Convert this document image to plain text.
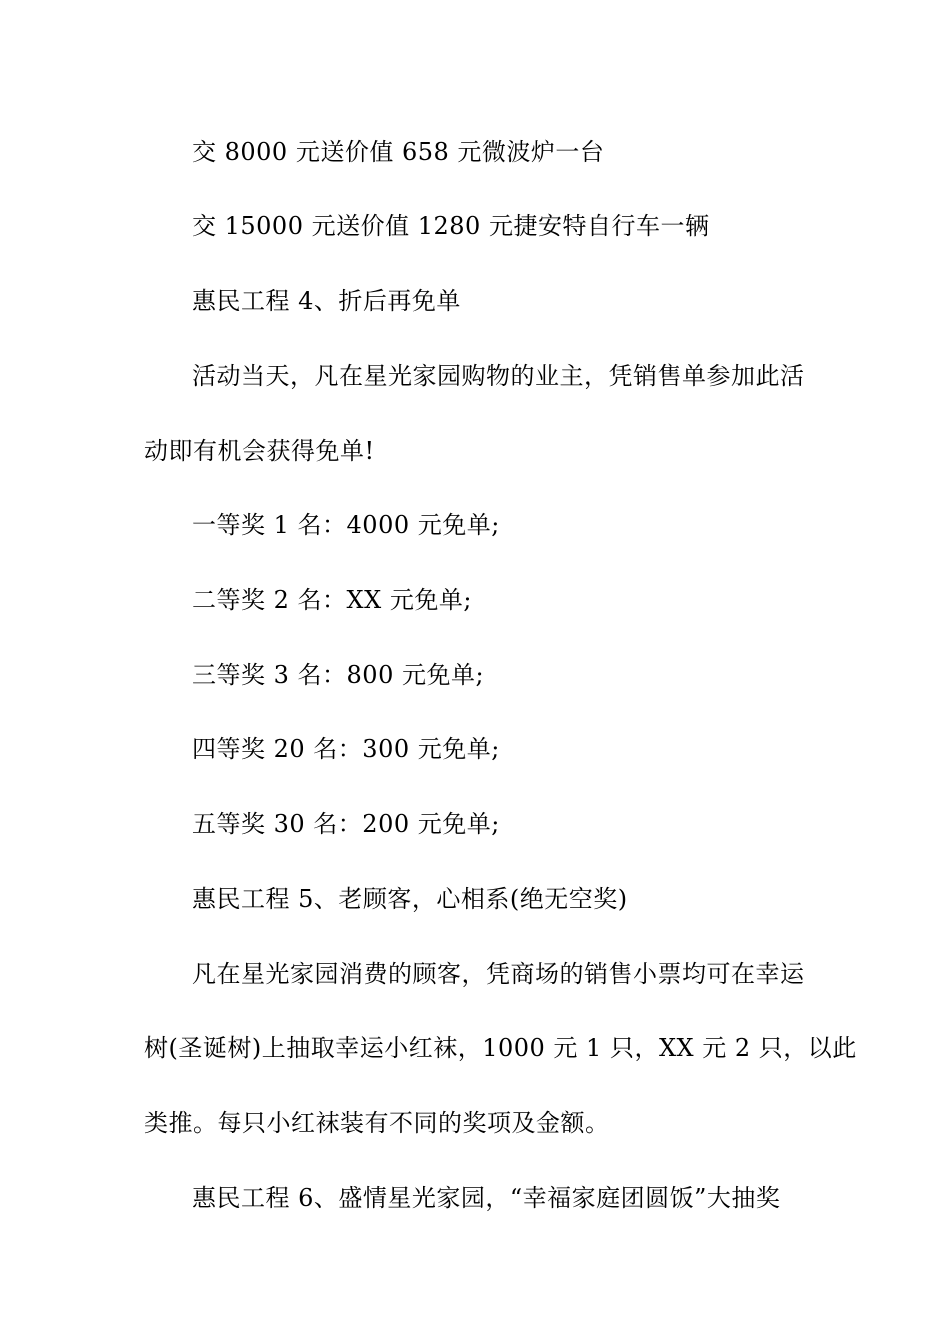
交 8000 元送价值 658 元微波炉一台
交 15000 元送价值 1280 元捷安特自行车一辆
惠民工程 4、折后再免单
活动当天，凡在星光家园购物的业主，凭销售单参加此活
动即有机会获得免单!
一等奖 1 名：4000 元免单;
二等奖 2 名：XX 元免单;
三等奖 3 名：800 元免单;
四等奖 20 名：300 元免单;
五等奖 30 名：200 元免单;
惠民工程 5、老顾客，心相系(绝无空奖)
凡在星光家园消费的顾客，凭商场的销售小票均可在幸运
树(圣诞树)上抽取幸运小红袜，1000 元 1 只，XX 元 2 只，以此
类推。每只小红袜装有不同的奖项及金额。
惠民工程 6、盛情星光家园，“幸福家庭团圆饭”大抽奖
